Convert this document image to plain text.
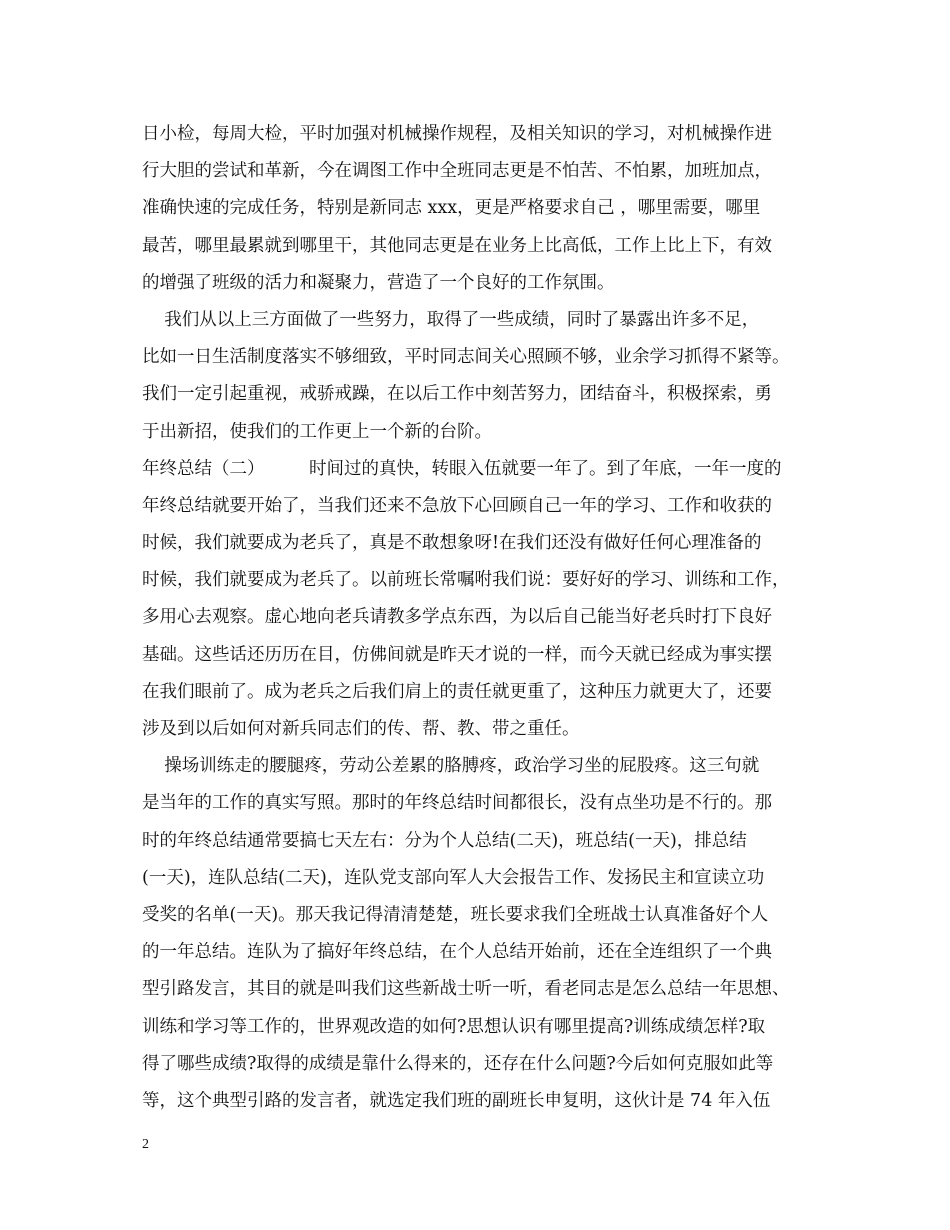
日小检，每周大检，平时加强对机械操作规程，及相关知识的学习，对机械操作进
行大胆的尝试和革新，今在调图工作中全班同志更是不怕苦、不怕累，加班加点，
准确快速的完成任务，特别是新同志 xxx，更是严格要求自己 ，哪里需要，哪里
最苦，哪里最累就到哪里干，其他同志更是在业务上比高低，工作上比上下，有效
的增强了班级的活力和凝聚力，营造了一个良好的工作氛围。
我们从以上三方面做了一些努力，取得了一些成绩，同时了暴露出许多不足，
比如一日生活制度落实不够细致，平时同志间关心照顾不够，业余学习抓得不紧等。
我们一定引起重视，戒骄戒躁，在以后工作中刻苦努力，团结奋斗，积极探索，勇
于出新招，使我们的工作更上一个新的台阶。
年终总结（二）        时间过的真快，转眼入伍就要一年了。到了年底，一年一度的
年终总结就要开始了，当我们还来不急放下心回顾自己一年的学习、工作和收获的
时候，我们就要成为老兵了，真是不敢想象呀!在我们还没有做好任何心理准备的
时候，我们就要成为老兵了。以前班长常嘱咐我们说：要好好的学习、训练和工作，
多用心去观察。虚心地向老兵请教多学点东西，为以后自己能当好老兵时打下良好
基础。这些话还历历在目，仿佛间就是昨天才说的一样，而今天就已经成为事实摆
在我们眼前了。成为老兵之后我们肩上的责任就更重了，这种压力就更大了，还要
涉及到以后如何对新兵同志们的传、帮、教、带之重任。
操场训练走的腰腿疼，劳动公差累的胳膊疼，政治学习坐的屁股疼。这三句就
是当年的工作的真实写照。那时的年终总结时间都很长，没有点坐功是不行的。那
时的年终总结通常要搞七天左右：分为个人总结(二天)，班总结(一天)，排总结
(一天)，连队总结(二天)，连队党支部向军人大会报告工作、发扬民主和宣读立功
受奖的名单(一天)。那天我记得清清楚楚，班长要求我们全班战士认真准备好个人
的一年总结。连队为了搞好年终总结，在个人总结开始前，还在全连组织了一个典
型引路发言，其目的就是叫我们这些新战士听一听，看老同志是怎么总结一年思想、
训练和学习等工作的，世界观改造的如何?思想认识有哪里提高?训练成绩怎样?取
得了哪些成绩?取得的成绩是靠什么得来的，还存在什么问题?今后如何克服如此等
等，这个典型引路的发言者，就选定我们班的副班长申复明，这伙计是 74 年入伍
2
